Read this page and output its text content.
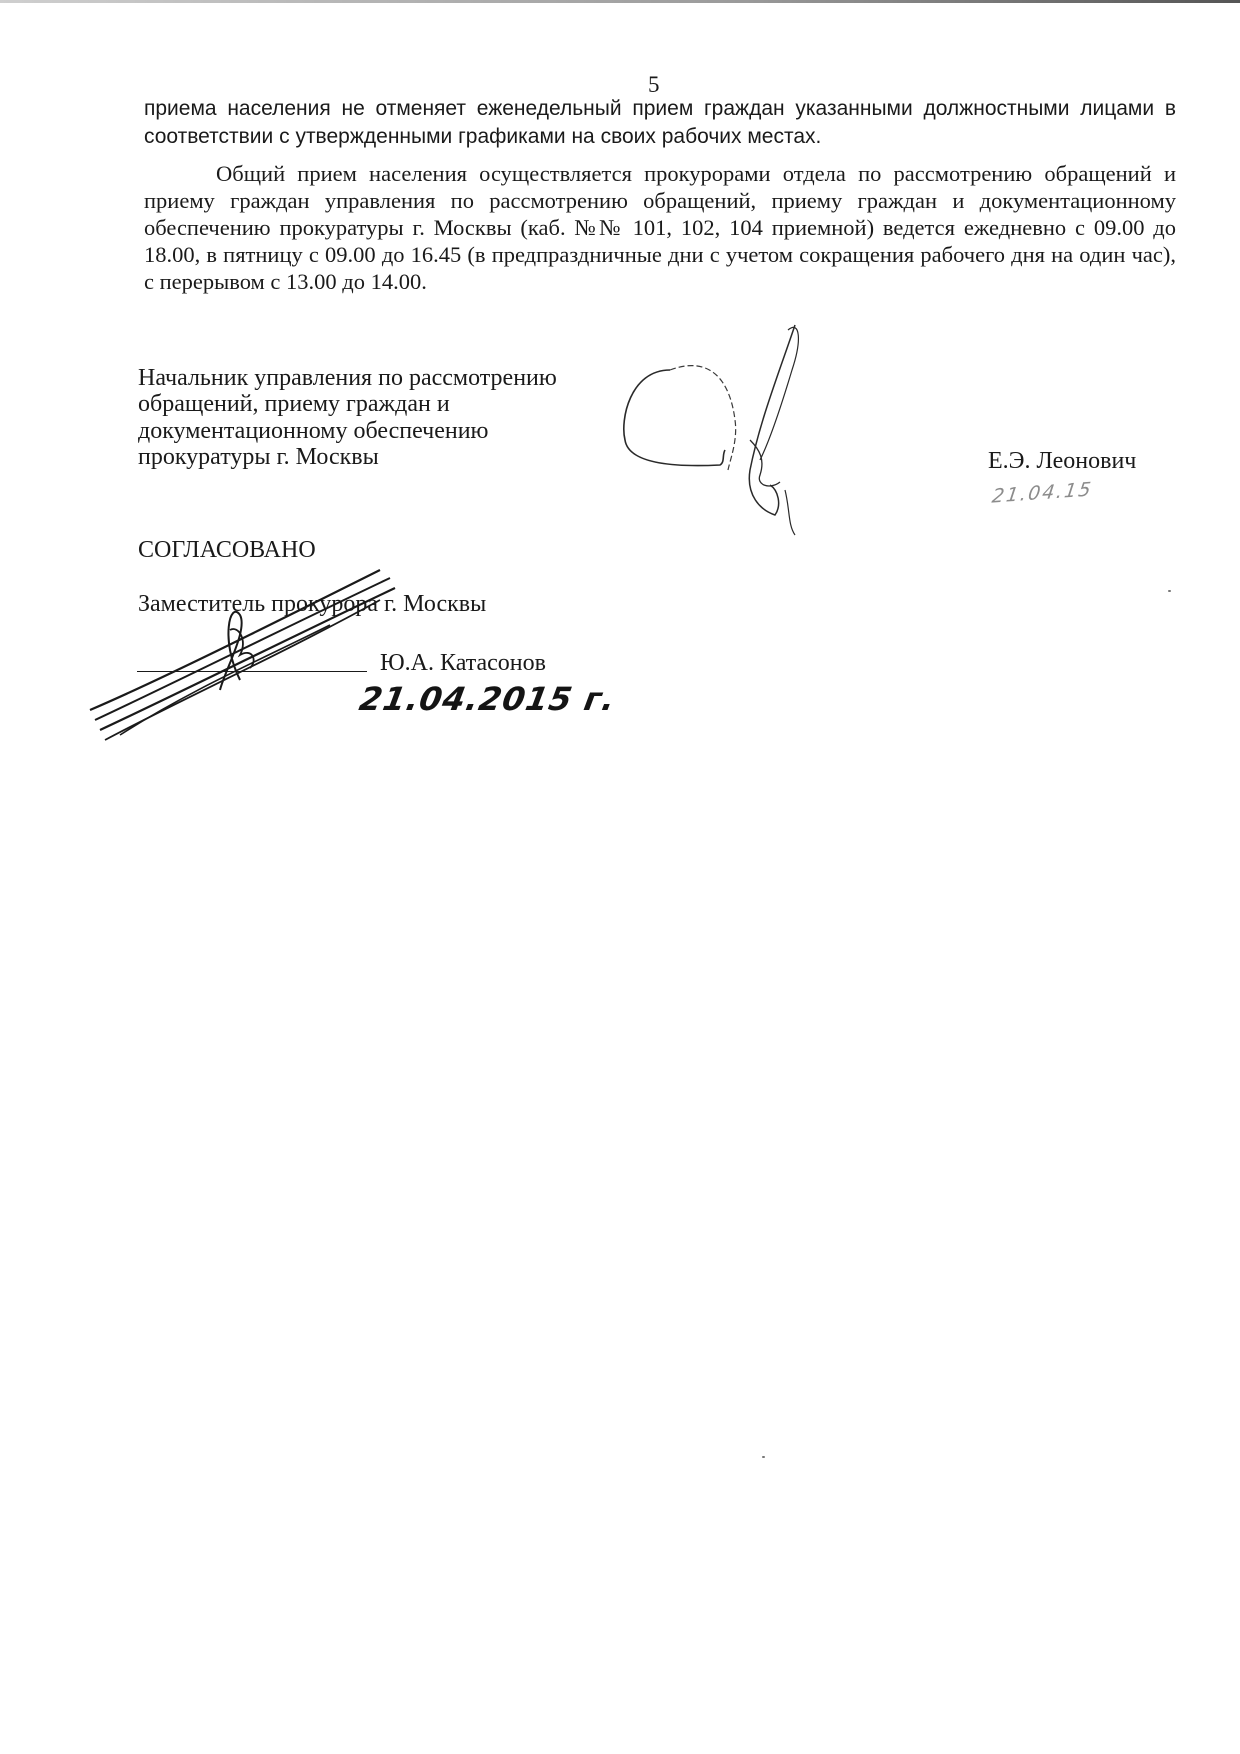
5
приема населения не отменяет еженедельный прием граждан указанными должностными лицами в соответствии с утвержденными графиками на своих рабочих местах.
Общий прием населения осуществляется прокурорами отдела по рассмотрению обращений и приему граждан управления по рассмотрению обращений, приему граждан и документационному обеспечению прокуратуры г. Москвы (каб. №№ 101, 102, 104 приемной) ведется ежедневно с 09.00 до 18.00, в пятницу с 09.00 до 16.45 (в предпраздничные дни с учетом сокращения рабочего дня на один час), с перерывом с 13.00 до 14.00.
Начальник управления по рассмотрению
обращений, приему граждан и
документационному обеспечению
прокуратуры г. Москвы	Е.Э. Леонович
21.04.15
СОГЛАСОВАНО
Заместитель прокурора г. Москвы
Ю.А. Катасонов
21.04.2015 г.
